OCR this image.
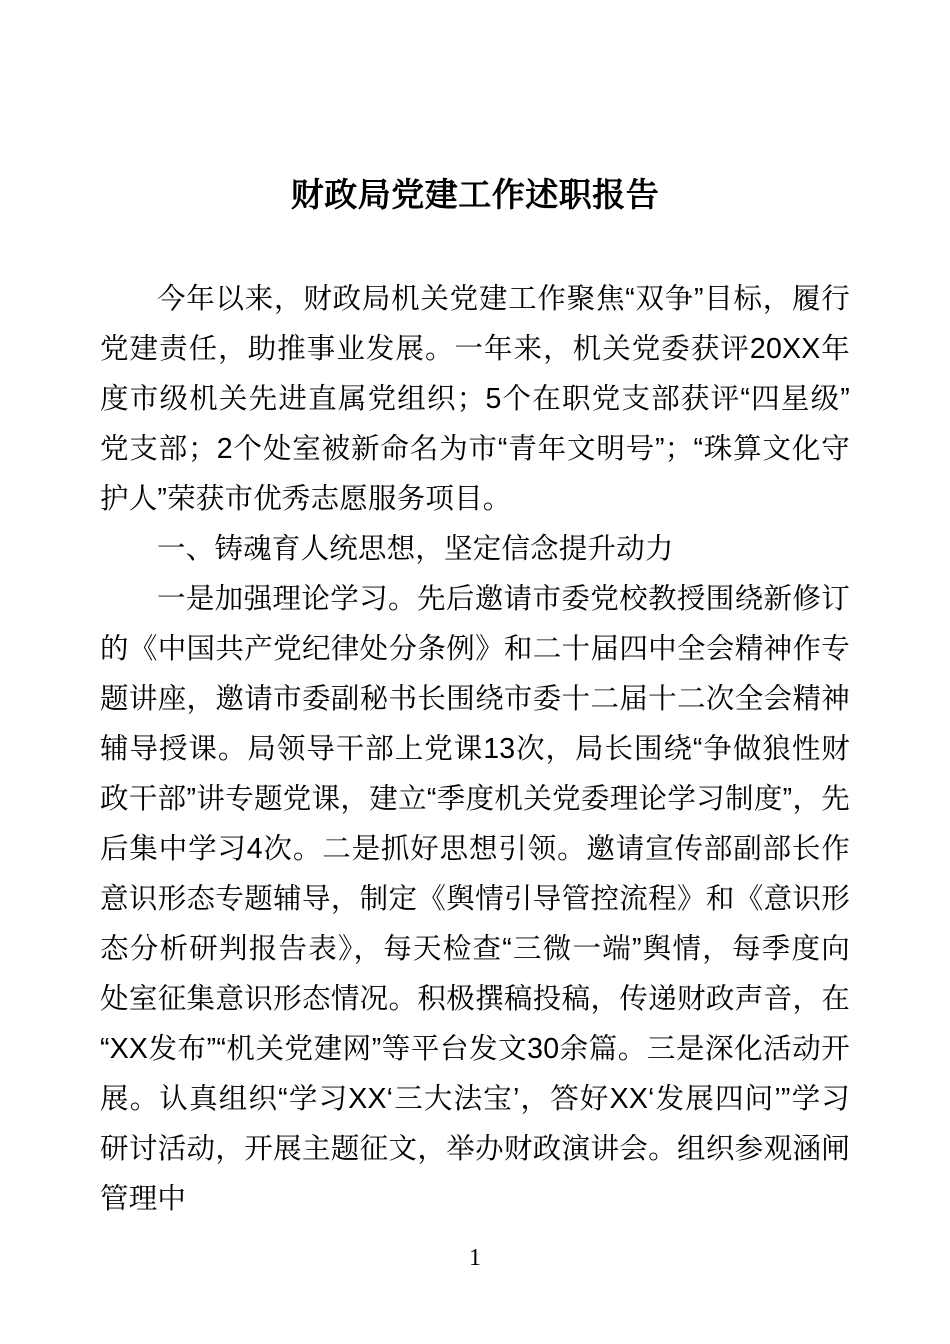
财政局党建工作述职报告

今年以来，财政局机关党建工作聚焦“双争”目标，履行党建责任，助推事业发展。一年来，机关党委获评20XX年度市级机关先进直属党组织；5个在职党支部获评“四星级”党支部；2个处室被新命名为市“青年文明号”；“珠算文化守护人”荣获市优秀志愿服务项目。

一、铸魂育人统思想，坚定信念提升动力

一是加强理论学习。先后邀请市委党校教授围绕新修订的《中国共产党纪律处分条例》和二十届四中全会精神作专题讲座，邀请市委副秘书长围绕市委十二届十二次全会精神辅导授课。局领导干部上党课13次，局长围绕“争做狼性财政干部”讲专题党课，建立“季度机关党委理论学习制度”，先后集中学习4次。二是抓好思想引领。邀请宣传部副部长作意识形态专题辅导，制定《舆情引导管控流程》和《意识形态分析研判报告表》，每天检查“三微一端”舆情，每季度向处室征集意识形态情况。积极撰稿投稿，传递财政声音，在“XX发布”“机关党建网”等平台发文30余篇。三是深化活动开展。认真组织“学习XX‘三大法宝’，答好XX‘发展四问’”学习研讨活动，开展主题征文，举办财政演讲会。组织参观涵闸管理中

1
